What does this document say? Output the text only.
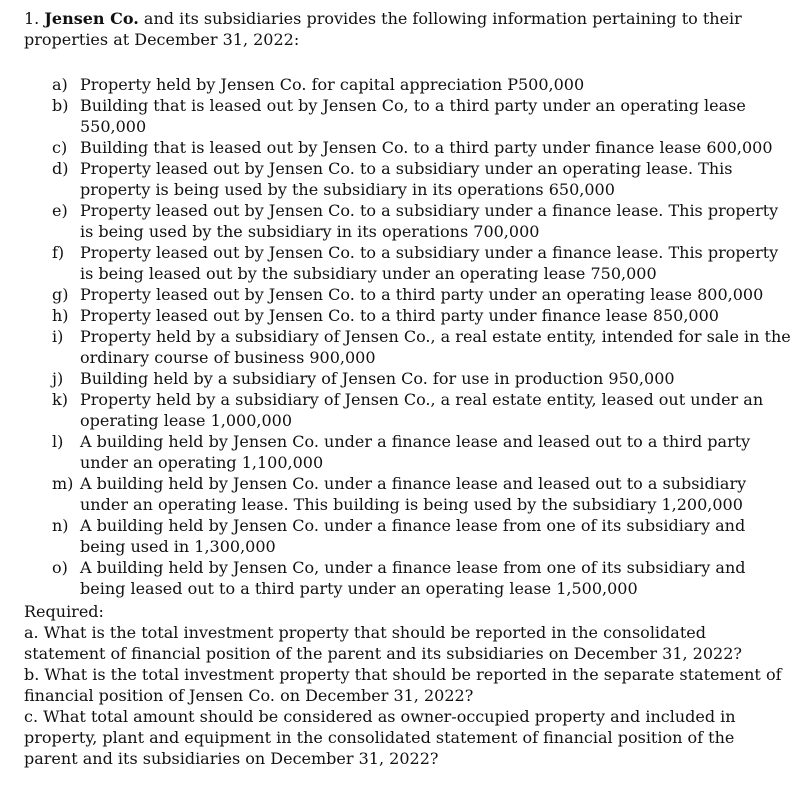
1. Jensen Co. and its subsidiaries provides the following information pertaining to their properties at December 31, 2022:
a) Property held by Jensen Co. for capital appreciation P500,000
b) Building that is leased out by Jensen Co, to a third party under an operating lease 550,000
c) Building that is leased out by Jensen Co. to a third party under finance lease 600,000
d) Property leased out by Jensen Co. to a subsidiary under an operating lease. This property is being used by the subsidiary in its operations 650,000
e) Property leased out by Jensen Co. to a subsidiary under a finance lease. This property is being used by the subsidiary in its operations 700,000
f) Property leased out by Jensen Co. to a subsidiary under a finance lease. This property is being leased out by the subsidiary under an operating lease 750,000
g) Property leased out by Jensen Co. to a third party under an operating lease 800,000
h) Property leased out by Jensen Co. to a third party under finance lease 850,000
i)	Property held by a subsidiary of Jensen Co., a real estate entity, intended for sale in the ordinary course of business 900,000
j)	Building held by a subsidiary of Jensen Co. for use in production 950,000
k) Property held by a subsidiary of Jensen Co., a real estate entity, leased out under an operating lease 1,000,000
l)	A building held by Jensen Co. under a finance lease and leased out to a third party under an operating 1,100,000
m) A building held by Jensen Co. under a finance lease and leased out to a subsidiary under an operating lease. This building is being used by the subsidiary 1,200,000
n) A building held by Jensen Co. under a finance lease from one of its subsidiary and being used in 1,300,000
o) A building held by Jensen Co, under a finance lease from one of its subsidiary and being leased out to a third party under an operating lease 1,500,000
Required:
a. What is the total investment property that should be reported in the consolidated statement of financial position of the parent and its subsidiaries on December 31, 2022?
b. What is the total investment property that should be reported in the separate statement of financial position of Jensen Co. on December 31, 2022?
c. What total amount should be considered as owner-occupied property and included in property, plant and equipment in the consolidated statement of financial position of the parent and its subsidiaries on December 31, 2022?
